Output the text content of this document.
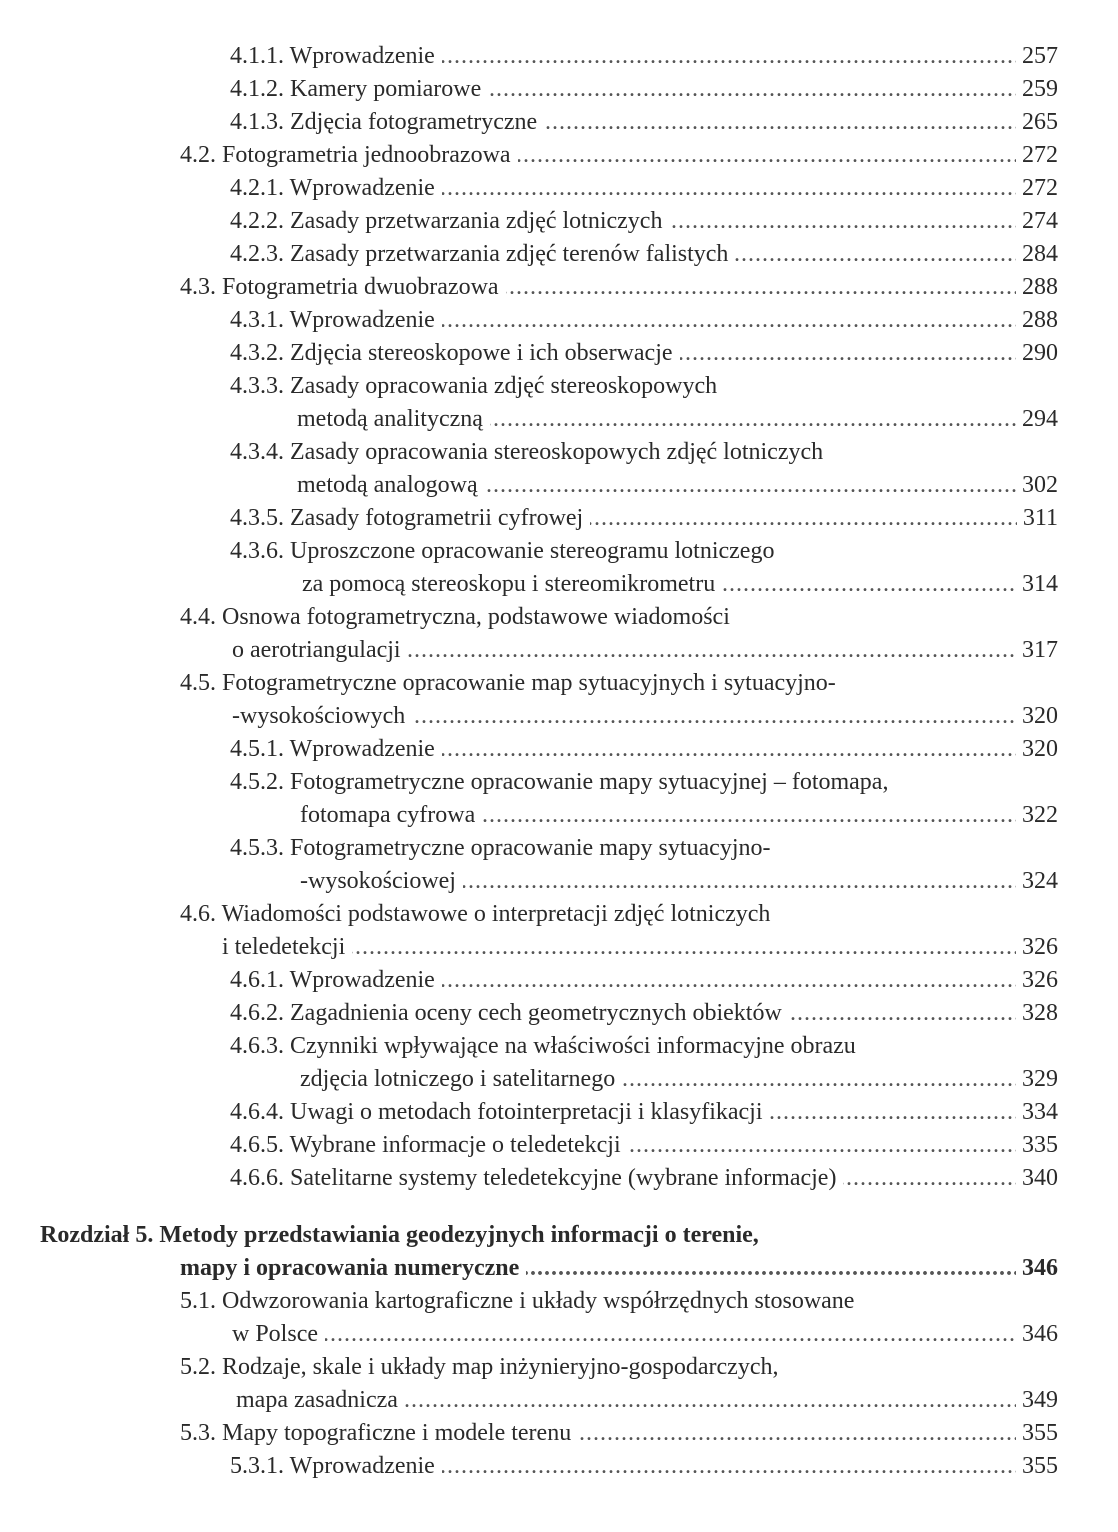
4.1.1. Wprowadzenie .....	257
4.1.2. Kamery pomiarowe .....	259
4.1.3. Zdjęcia fotogrametryczne .....	265
4.2. Fotogrametria jednoobrazowa .....	272
4.2.1. Wprowadzenie .....	272
4.2.2. Zasady przetwarzania zdjęć lotniczych .....	274
4.2.3. Zasady przetwarzania zdjęć terenów falistych .....	284
4.3. Fotogrametria dwuobrazowa .....	288
4.3.1. Wprowadzenie .....	288
4.3.2. Zdjęcia stereoskopowe i ich obserwacje .....	290
4.3.3. Zasady opracowania zdjęć stereoskopowych
metodą analityczną .....	294
4.3.4. Zasady opracowania stereoskopowych zdjęć lotniczych
metodą analogową .....	302
4.3.5. Zasady fotogrametrii cyfrowej .....	311
4.3.6. Uproszczone opracowanie stereogramu lotniczego
za pomocą stereoskopu i stereomikrometru .....	314
4.4. Osnowa fotogrametryczna, podstawowe wiadomości
o aerotriangulacji .....	317
4.5. Fotogrametryczne opracowanie map sytuacyjnych i sytuacyjno-
-wysokościowych .....	320
4.5.1. Wprowadzenie .....	320
4.5.2. Fotogrametryczne opracowanie mapy sytuacyjnej – fotomapa,
fotomapa cyfrowa .....	322
4.5.3. Fotogrametryczne opracowanie mapy sytuacyjno-
-wysokościowej .....	324
4.6. Wiadomości podstawowe o interpretacji zdjęć lotniczych
i teledetekcji .....	326
4.6.1. Wprowadzenie .....	326
4.6.2. Zagadnienia oceny cech geometrycznych obiektów .....	328
4.6.3. Czynniki wpływające na właściwości informacyjne obrazu
zdjęcia lotniczego i satelitarnego .....	329
4.6.4. Uwagi o metodach fotointerpretacji i klasyfikacji .....	334
4.6.5. Wybrane informacje o teledetekcji .....	335
4.6.6. Satelitarne systemy teledetekcyjne (wybrane informacje) .....	340
Rozdział 5. Metody przedstawiania geodezyjnych informacji o terenie,
mapy i opracowania numeryczne .....	346
5.1. Odwzorowania kartograficzne i układy współrzędnych stosowane
w Polsce .....	346
5.2. Rodzaje, skale i układy map inżynieryjno-gospodarczych,
mapa zasadnicza .....	349
5.3. Mapy topograficzne i modele terenu .....	355
5.3.1. Wprowadzenie .....	355
